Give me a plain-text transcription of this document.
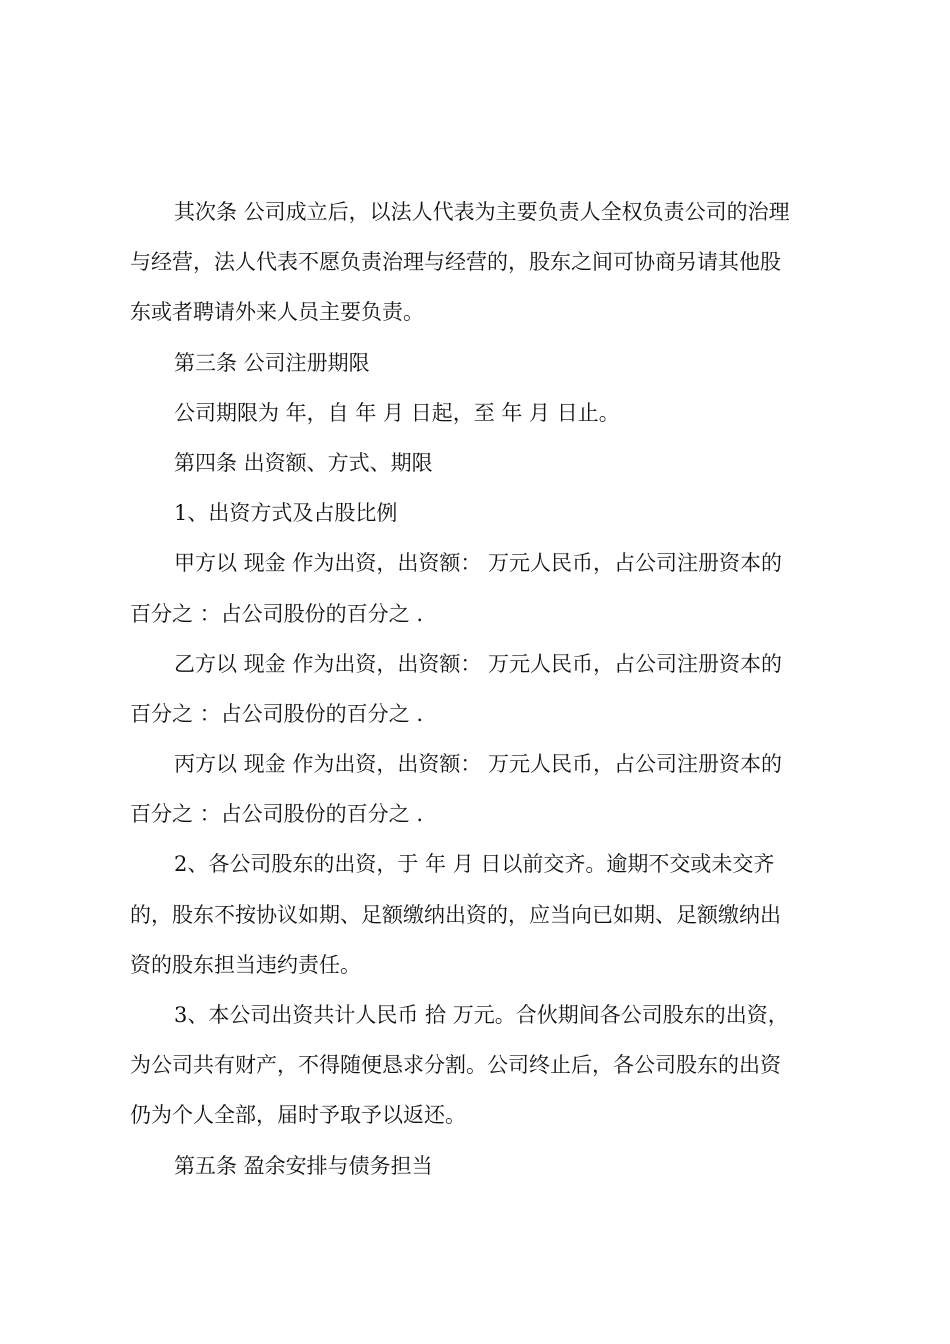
其次条 公司成立后，以法人代表为主要负责人全权负责公司的治理
与经营，法人代表不愿负责治理与经营的，股东之间可协商另请其他股
东或者聘请外来人员主要负责。
第三条 公司注册期限
公司期限为 年，自 年 月 日起，至 年 月 日止。
第四条 出资额、方式、期限
1、出资方式及占股比例
甲方以 现金 作为出资，出资额： 万元人民币，占公司注册资本的
百分之 ：占公司股份的百分之 .
乙方以 现金 作为出资，出资额： 万元人民币，占公司注册资本的
百分之 ：占公司股份的百分之 .
丙方以 现金 作为出资，出资额： 万元人民币，占公司注册资本的
百分之 ：占公司股份的百分之 .
2、各公司股东的出资，于 年 月 日以前交齐。逾期不交或未交齐
的，股东不按协议如期、足额缴纳出资的，应当向已如期、足额缴纳出
资的股东担当违约责任。
3、本公司出资共计人民币 拾 万元。合伙期间各公司股东的出资，
为公司共有财产，不得随便恳求分割。公司终止后，各公司股东的出资
仍为个人全部，届时予取予以返还。
第五条 盈余安排与债务担当
